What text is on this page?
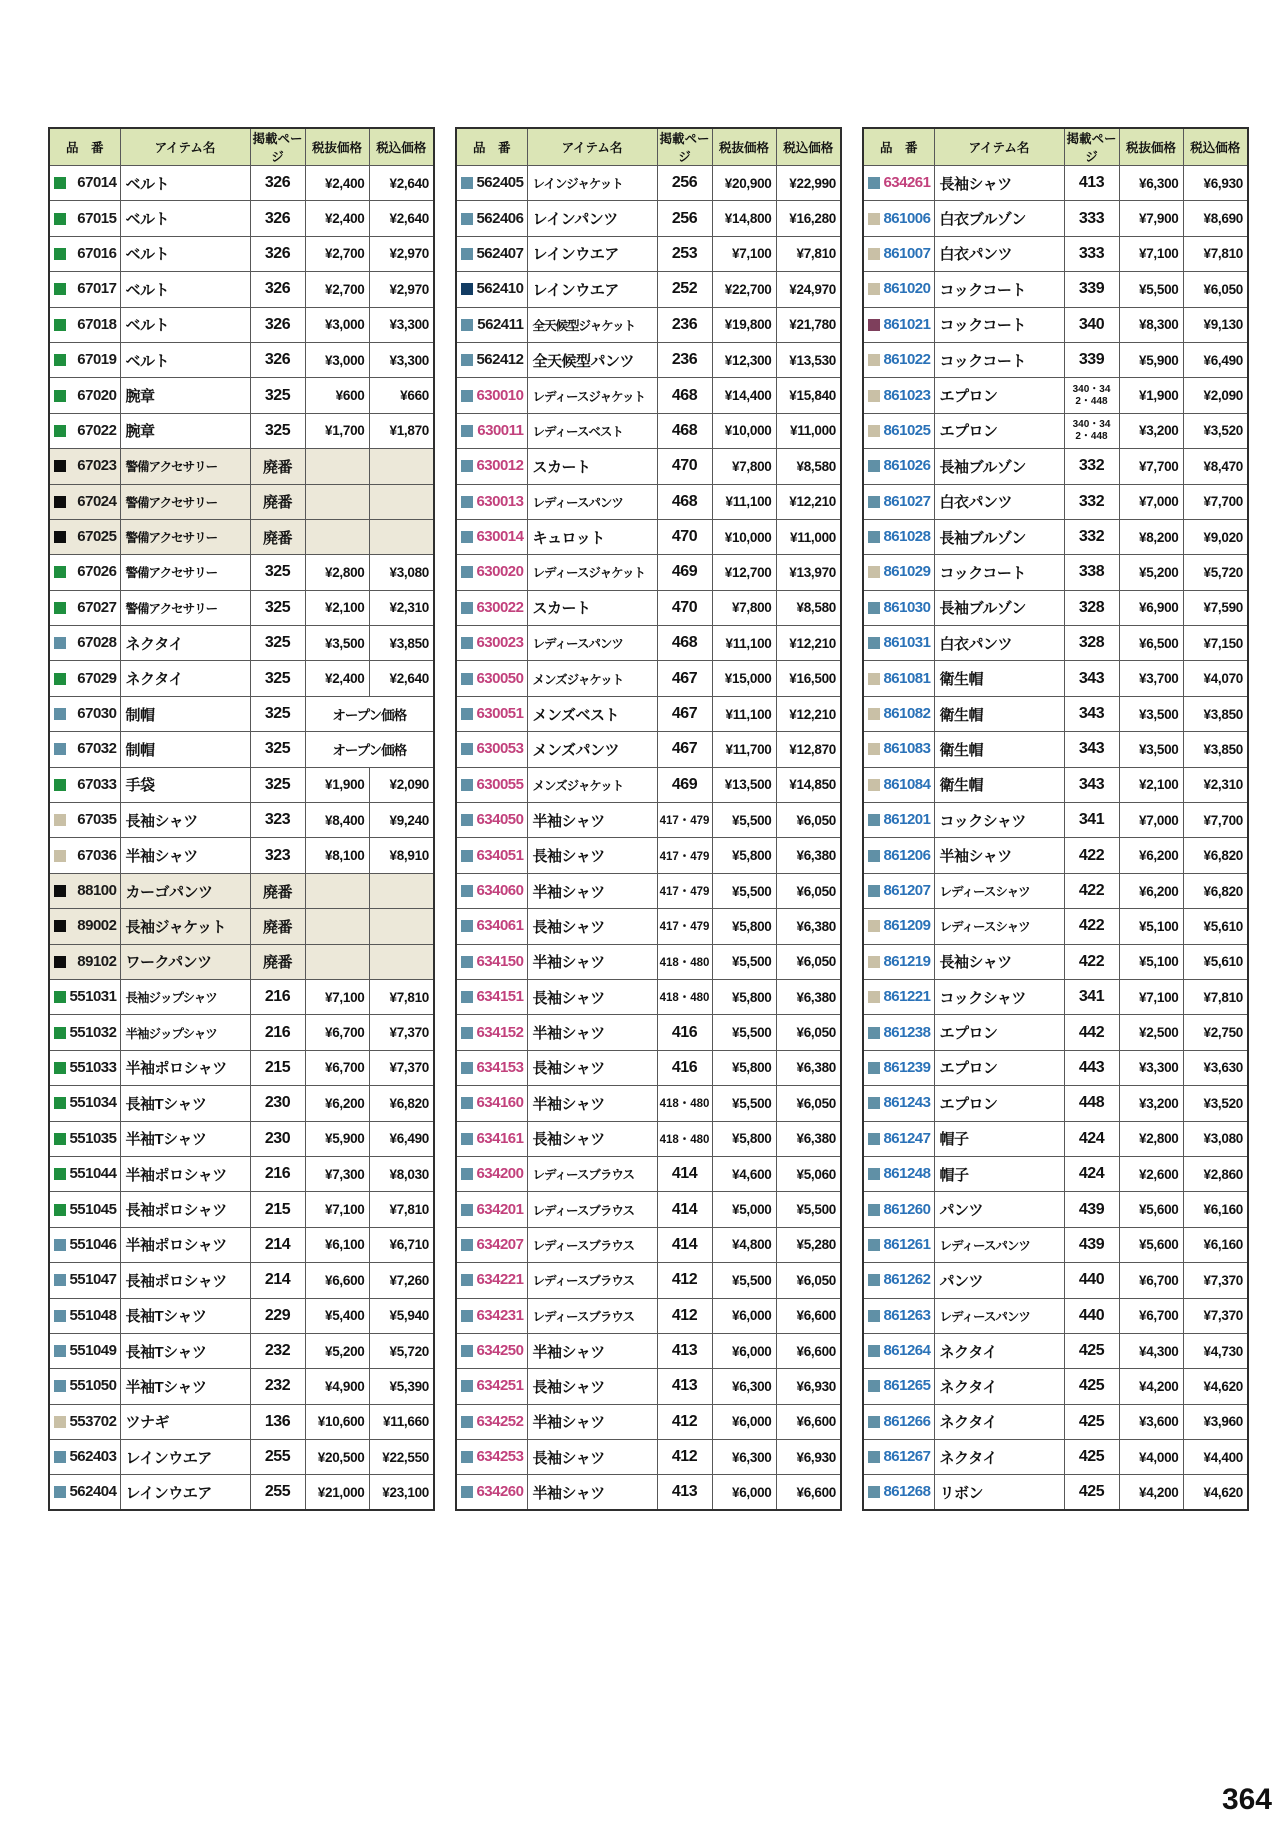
品　番	アイテム名	掲載ページ	税抜価格	税込価格

67014	ベルト	326	¥2,400	¥2,640

67015	ベルト	326	¥2,400	¥2,640

67016	ベルト	326	¥2,700	¥2,970

67017	ベルト	326	¥2,700	¥2,970

67018	ベルト	326	¥3,000	¥3,300

67019	ベルト	326	¥3,000	¥3,300

67020	腕章	325	¥600	¥660

67022	腕章	325	¥1,700	¥1,870

67023	警備アクセサリー	廃番		

67024	警備アクセサリー	廃番		

67025	警備アクセサリー	廃番		

67026	警備アクセサリー	325	¥2,800	¥3,080

67027	警備アクセサリー	325	¥2,100	¥2,310

67028	ネクタイ	325	¥3,500	¥3,850

67029	ネクタイ	325	¥2,400	¥2,640

67030	制帽	325	オープン価格	

67032	制帽	325	オープン価格	

67033	手袋	325	¥1,900	¥2,090

67035	長袖シャツ	323	¥8,400	¥9,240

67036	半袖シャツ	323	¥8,100	¥8,910

88100	カーゴパンツ	廃番		

89002	長袖ジャケット	廃番		

89102	ワークパンツ	廃番		

551031	長袖ジップシャツ	216	¥7,100	¥7,810

551032	半袖ジップシャツ	216	¥6,700	¥7,370

551033	半袖ポロシャツ	215	¥6,700	¥7,370

551034	長袖Tシャツ	230	¥6,200	¥6,820

551035	半袖Tシャツ	230	¥5,900	¥6,490

551044	半袖ポロシャツ	216	¥7,300	¥8,030

551045	長袖ポロシャツ	215	¥7,100	¥7,810

551046	半袖ポロシャツ	214	¥6,100	¥6,710

551047	長袖ポロシャツ	214	¥6,600	¥7,260

551048	長袖Tシャツ	229	¥5,400	¥5,940

551049	長袖Tシャツ	232	¥5,200	¥5,720

551050	半袖Tシャツ	232	¥4,900	¥5,390

553702	ツナギ	136	¥10,600	¥11,660

562403	レインウエア	255	¥20,500	¥22,550

562404	レインウエア	255	¥21,000	¥23,100
品　番	アイテム名	掲載ページ	税抜価格	税込価格

562405	レインジャケット	256	¥20,900	¥22,990

562406	レインパンツ	256	¥14,800	¥16,280

562407	レインウエア	253	¥7,100	¥7,810

562410	レインウエア	252	¥22,700	¥24,970

562411	全天候型ジャケット	236	¥19,800	¥21,780

562412	全天候型パンツ	236	¥12,300	¥13,530

630010	レディースジャケット	468	¥14,400	¥15,840

630011	レディースベスト	468	¥10,000	¥11,000

630012	スカート	470	¥7,800	¥8,580

630013	レディースパンツ	468	¥11,100	¥12,210

630014	キュロット	470	¥10,000	¥11,000

630020	レディースジャケット	469	¥12,700	¥13,970

630022	スカート	470	¥7,800	¥8,580

630023	レディースパンツ	468	¥11,100	¥12,210

630050	メンズジャケット	467	¥15,000	¥16,500

630051	メンズベスト	467	¥11,100	¥12,210

630053	メンズパンツ	467	¥11,700	¥12,870

630055	メンズジャケット	469	¥13,500	¥14,850

634050	半袖シャツ	417・479	¥5,500	¥6,050

634051	長袖シャツ	417・479	¥5,800	¥6,380

634060	半袖シャツ	417・479	¥5,500	¥6,050

634061	長袖シャツ	417・479	¥5,800	¥6,380

634150	半袖シャツ	418・480	¥5,500	¥6,050

634151	長袖シャツ	418・480	¥5,800	¥6,380

634152	半袖シャツ	416	¥5,500	¥6,050

634153	長袖シャツ	416	¥5,800	¥6,380

634160	半袖シャツ	418・480	¥5,500	¥6,050

634161	長袖シャツ	418・480	¥5,800	¥6,380

634200	レディースブラウス	414	¥4,600	¥5,060

634201	レディースブラウス	414	¥5,000	¥5,500

634207	レディースブラウス	414	¥4,800	¥5,280

634221	レディースブラウス	412	¥5,500	¥6,050

634231	レディースブラウス	412	¥6,000	¥6,600

634250	半袖シャツ	413	¥6,000	¥6,600

634251	長袖シャツ	413	¥6,300	¥6,930

634252	半袖シャツ	412	¥6,000	¥6,600

634253	長袖シャツ	412	¥6,300	¥6,930

634260	半袖シャツ	413	¥6,000	¥6,600
品　番	アイテム名	掲載ページ	税抜価格	税込価格

634261	長袖シャツ	413	¥6,300	¥6,930

861006	白衣ブルゾン	333	¥7,900	¥8,690

861007	白衣パンツ	333	¥7,100	¥7,810

861020	コックコート	339	¥5,500	¥6,050

861021	コックコート	340	¥8,300	¥9,130

861022	コックコート	339	¥5,900	¥6,490

861023	エプロン	340・342・448	¥1,900	¥2,090

861025	エプロン	340・342・448	¥3,200	¥3,520

861026	長袖ブルゾン	332	¥7,700	¥8,470

861027	白衣パンツ	332	¥7,000	¥7,700

861028	長袖ブルゾン	332	¥8,200	¥9,020

861029	コックコート	338	¥5,200	¥5,720

861030	長袖ブルゾン	328	¥6,900	¥7,590

861031	白衣パンツ	328	¥6,500	¥7,150

861081	衛生帽	343	¥3,700	¥4,070

861082	衛生帽	343	¥3,500	¥3,850

861083	衛生帽	343	¥3,500	¥3,850

861084	衛生帽	343	¥2,100	¥2,310

861201	コックシャツ	341	¥7,000	¥7,700

861206	半袖シャツ	422	¥6,200	¥6,820

861207	レディースシャツ	422	¥6,200	¥6,820

861209	レディースシャツ	422	¥5,100	¥5,610

861219	長袖シャツ	422	¥5,100	¥5,610

861221	コックシャツ	341	¥7,100	¥7,810

861238	エプロン	442	¥2,500	¥2,750

861239	エプロン	443	¥3,300	¥3,630

861243	エプロン	448	¥3,200	¥3,520

861247	帽子	424	¥2,800	¥3,080

861248	帽子	424	¥2,600	¥2,860

861260	パンツ	439	¥5,600	¥6,160

861261	レディースパンツ	439	¥5,600	¥6,160

861262	パンツ	440	¥6,700	¥7,370

861263	レディースパンツ	440	¥6,700	¥7,370

861264	ネクタイ	425	¥4,300	¥4,730

861265	ネクタイ	425	¥4,200	¥4,620

861266	ネクタイ	425	¥3,600	¥3,960

861267	ネクタイ	425	¥4,000	¥4,400

861268	リボン	425	¥4,200	¥4,620
364
